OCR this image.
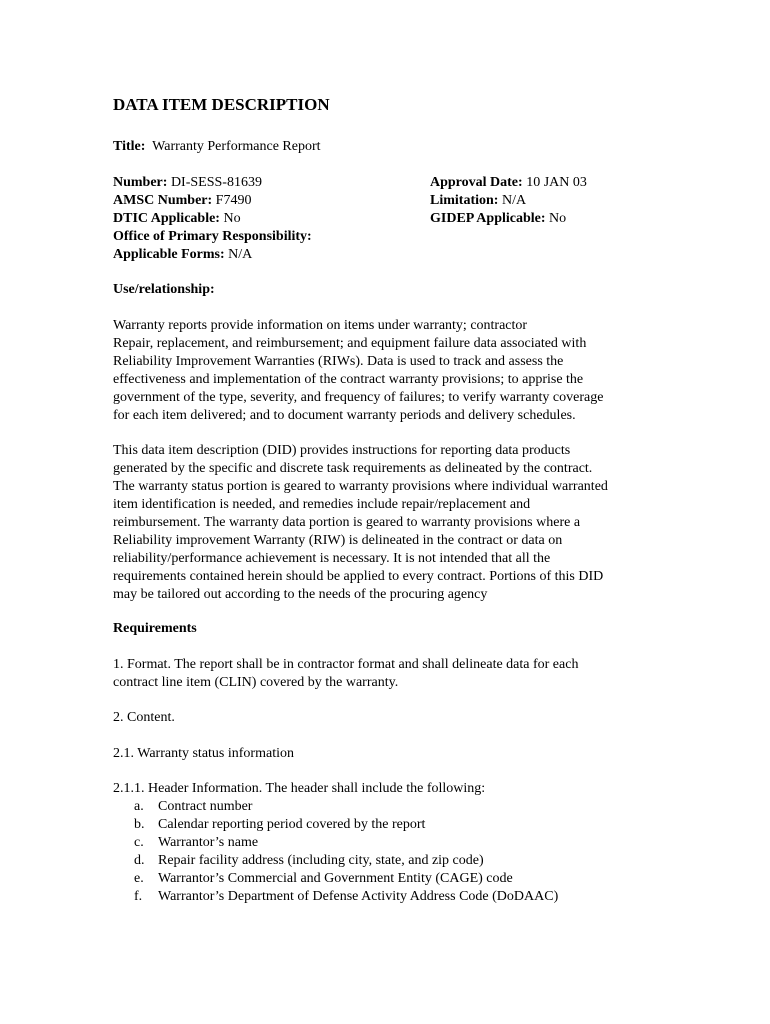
DATA ITEM DESCRIPTION
Title: Warranty Performance Report
Number: DI-SESS-81639
AMSC Number: F7490
DTIC Applicable: No
Office of Primary Responsibility:
Applicable Forms: N/A
Approval Date: 10 JAN 03
Limitation: N/A
GIDEP Applicable: No

Use/relationship:

Warranty reports provide information on items under warranty; contractor

Repair, replacement, and reimbursement; and equipment failure data associated with

Reliability Improvement Warranties (RIWs). Data is used to track and assess the

effectiveness and implementation of the contract warranty provisions; to apprise the

government of the type, severity, and frequency of failures; to verify warranty coverage

for each item delivered; and to document warranty periods and delivery schedules.

This data item description (DID) provides instructions for reporting data products

generated by the specific and discrete task requirements as delineated by the contract.

The warranty status portion is geared to warranty provisions where individual warranted

item identification is needed, and remedies include repair/replacement and

reimbursement. The warranty data portion is geared to warranty provisions where a

Reliability improvement Warranty (RIW) is delineated in the contract or data on

reliability/performance achievement is necessary. It is not intended that all the

requirements contained herein should be applied to every contract. Portions of this DID

may be tailored out according to the needs of the procuring agency

Requirements

1. Format. The report shall be in contractor format and shall delineate data for each

contract line item (CLIN) covered by the warranty.

2. Content.

2.1. Warranty status information

2.1.1. Header Information. The header shall include the following:

a.	Contract number
b. Calendar reporting period covered by the report
c.	Warrantor’s name
d. Repair facility address (including city, state, and zip code)
e.	Warrantor’s Commercial and Government Entity (CAGE) code
f.	Warrantor’s Department of Defense Activity Address Code (DoDAAC)
